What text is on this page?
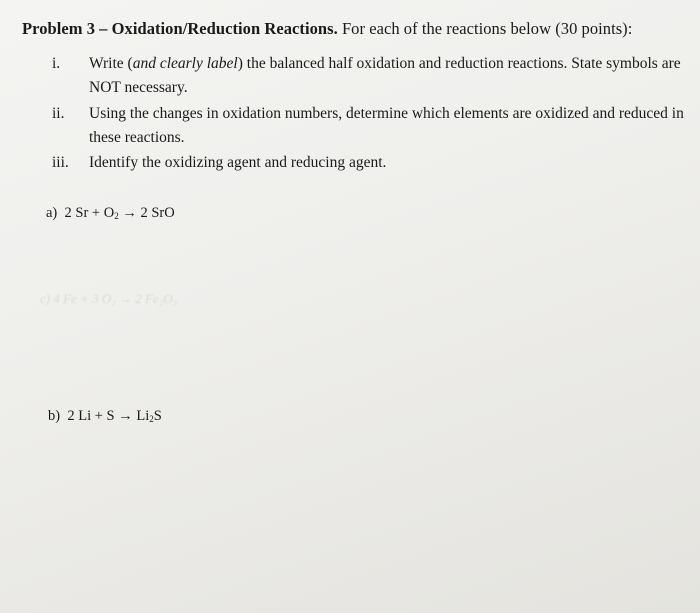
Problem 3 – Oxidation/Reduction Reactions. For each of the reactions below (30 points):
i.	Write (and clearly label) the balanced half oxidation and reduction reactions. State symbols are NOT necessary.
ii.	Using the changes in oxidation numbers, determine which elements are oxidized and reduced in these reactions.
iii.	Identify the oxidizing agent and reducing agent.
a) 2 $Sr + O_2 \to 2$ SrO
c) 4 Fe + 3 O₂ → 2 Fe₂O₃
b) 2 $Li + S \to Li_2S$
